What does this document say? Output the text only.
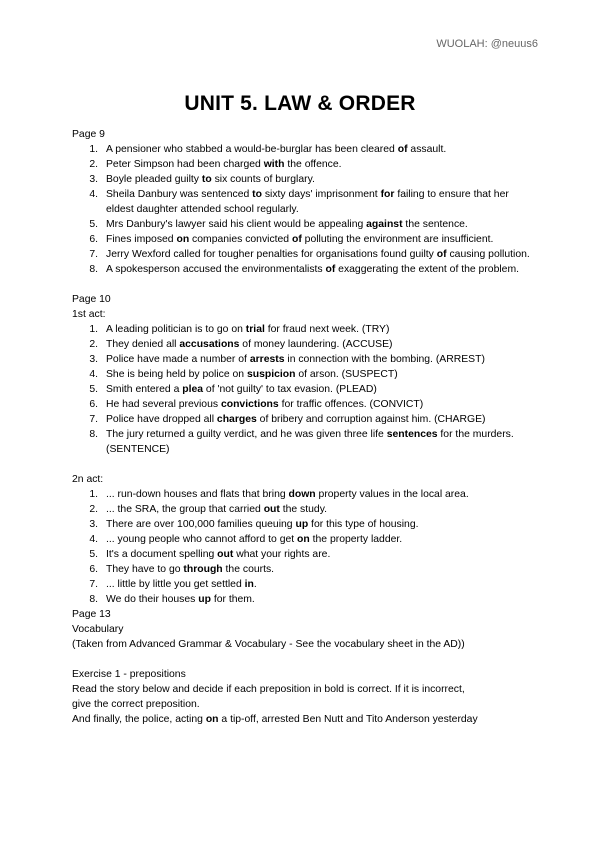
WUOLAH: @neuus6
UNIT 5. LAW & ORDER
Page 9
1. A pensioner who stabbed a would-be-burglar has been cleared of assault.
2. Peter Simpson had been charged with the offence.
3. Boyle pleaded guilty to six counts of burglary.
4. Sheila Danbury was sentenced to sixty days' imprisonment for failing to ensure that her eldest daughter attended school regularly.
5. Mrs Danbury's lawyer said his client would be appealing against the sentence.
6. Fines imposed on companies convicted of polluting the environment are insufficient.
7. Jerry Wexford called for tougher penalties for organisations found guilty of causing pollution.
8. A spokesperson accused the environmentalists of exaggerating the extent of the problem.
Page 10
1st act:
1. A leading politician is to go on trial for fraud next week. (TRY)
2. They denied all accusations of money laundering. (ACCUSE)
3. Police have made a number of arrests in connection with the bombing. (ARREST)
4. She is being held by police on suspicion of arson. (SUSPECT)
5. Smith entered a plea of 'not guilty' to tax evasion. (PLEAD)
6. He had several previous convictions for traffic offences. (CONVICT)
7. Police have dropped all charges of bribery and corruption against him. (CHARGE)
8. The jury returned a guilty verdict, and he was given three life sentences for the murders. (SENTENCE)
2n act:
1. ... run-down houses and flats that bring down property values in the local area.
2. ... the SRA, the group that carried out the study.
3. There are over 100,000 families queuing up for this type of housing.
4. ... young people who cannot afford to get on the property ladder.
5. It's a document spelling out what your rights are.
6. They have to go through the courts.
7. ... little by little you get settled in.
8. We do their houses up for them.
Page 13
Vocabulary
(Taken from Advanced Grammar & Vocabulary - See the vocabulary sheet in the AD))
Exercise 1 - prepositions
Read the story below and decide if each preposition in bold is correct. If it is incorrect,
give the correct preposition.
And finally, the police, acting on a tip-off, arrested Ben Nutt and Tito Anderson yesterday
